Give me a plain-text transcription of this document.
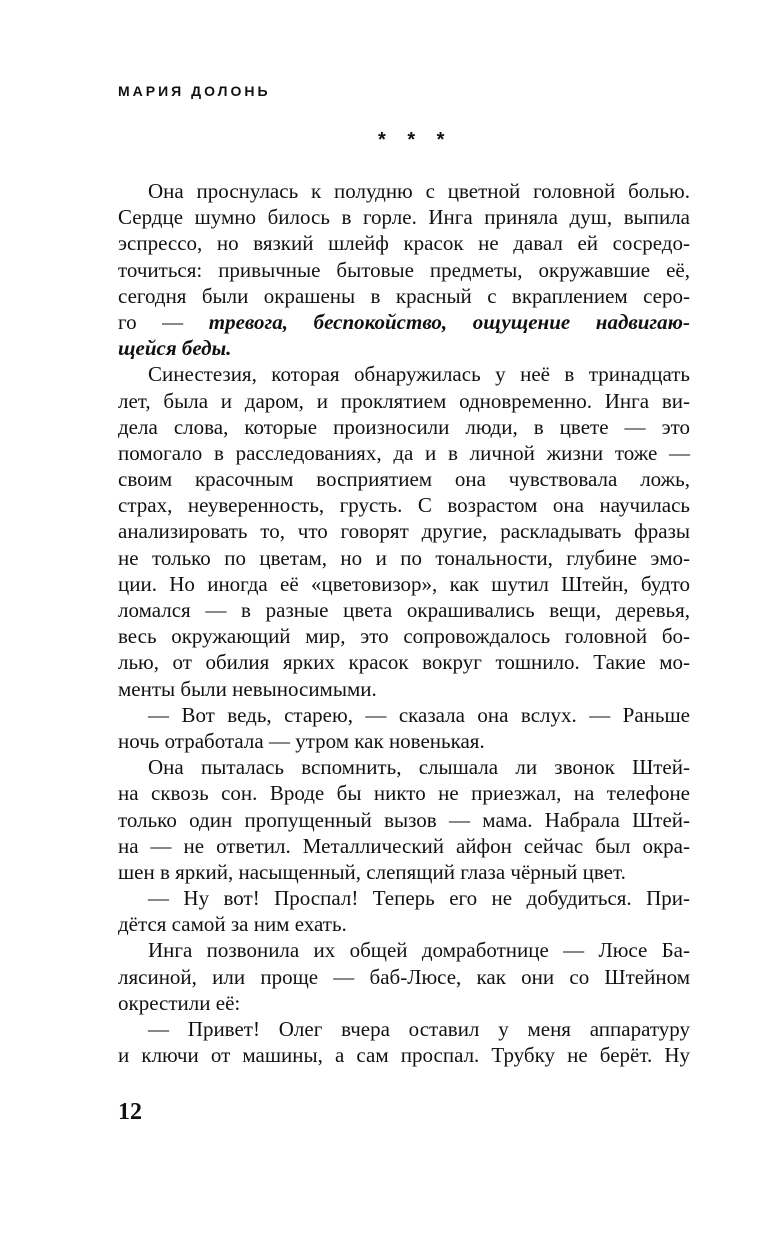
МАРИЯ ДОЛОНЬ
* * *
Она проснулась к полудню с цветной головной болью.
Сердце шумно билось в горле. Инга приняла душ, выпила
эспрессо, но вязкий шлейф красок не давал ей сосредо-
точиться: привычные бытовые предметы, окружавшие её,
сегодня были окрашены в красный с вкраплением серо-
го — тревога, беспокойство, ощущение надвигаю-
щейся беды.
Синестезия, которая обнаружилась у неё в тринадцать
лет, была и даром, и проклятием одновременно. Инга ви-
дела слова, которые произносили люди, в цвете — это
помогало в расследованиях, да и в личной жизни тоже —
своим красочным восприятием она чувствовала ложь,
страх, неуверенность, грусть. С возрастом она научилась
анализировать то, что говорят другие, раскладывать фразы
не только по цветам, но и по тональности, глубине эмо-
ции. Но иногда её «цветовизор», как шутил Штейн, будто
ломался — в разные цвета окрашивались вещи, деревья,
весь окружающий мир, это сопровождалось головной бо-
лью, от обилия ярких красок вокруг тошнило. Такие мо-
менты были невыносимыми.
— Вот ведь, старею, — сказала она вслух. — Раньше
ночь отработала — утром как новенькая.
Она пыталась вспомнить, слышала ли звонок Штей-
на сквозь сон. Вроде бы никто не приезжал, на телефоне
только один пропущенный вызов — мама. Набрала Штей-
на — не ответил. Металлический айфон сейчас был окра-
шен в яркий, насыщенный, слепящий глаза чёрный цвет.
— Ну вот! Проспал! Теперь его не добудиться. При-
дётся самой за ним ехать.
Инга позвонила их общей домработнице — Люсе Ба-
лясиной, или проще — баб-Люсе, как они со Штейном
окрестили её:
— Привет! Олег вчера оставил у меня аппаратуру
и ключи от машины, а сам проспал. Трубку не берёт. Ну
12
